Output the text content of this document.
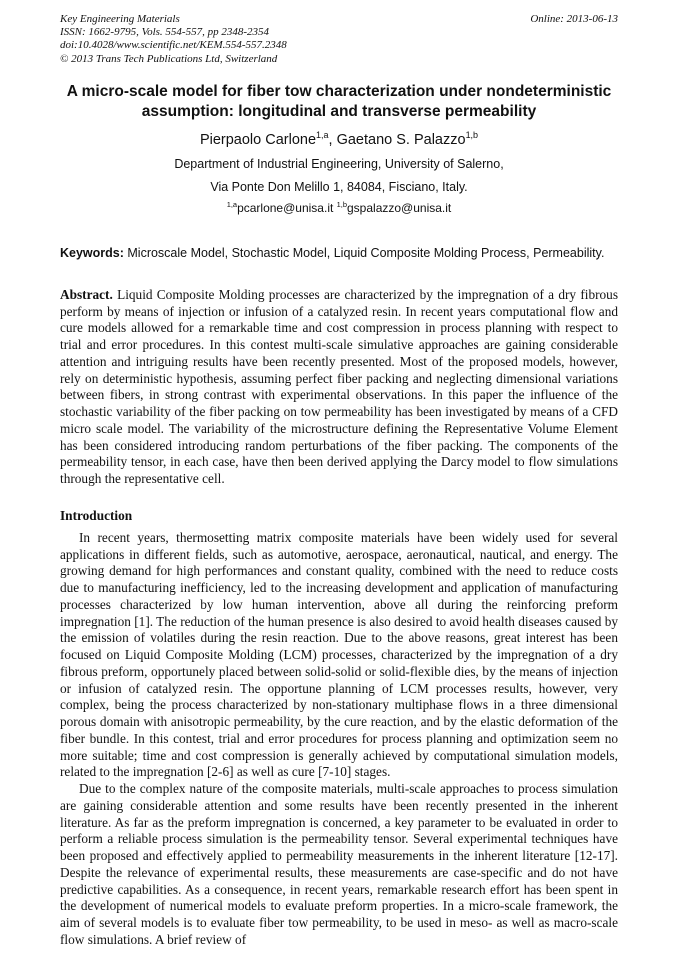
Key Engineering Materials
ISSN: 1662-9795, Vols. 554-557, pp 2348-2354
doi:10.4028/www.scientific.net/KEM.554-557.2348
© 2013 Trans Tech Publications Ltd, Switzerland
Online: 2013-06-13
A micro-scale model for fiber tow characterization under nondeterministic assumption: longitudinal and transverse permeability
Pierpaolo Carlone$^{1,a}$, Gaetano S. Palazzo$^{1,b}$
Department of Industrial Engineering, University of Salerno,
Via Ponte Don Melillo 1, 84084, Fisciano, Italy.
$^{1,a}$pcarlone@unisa.it $^{1,b}$gspalazzo@unisa.it
Keywords: Microscale Model, Stochastic Model, Liquid Composite Molding Process, Permeability.
Abstract. Liquid Composite Molding processes are characterized by the impregnation of a dry fibrous perform by means of injection or infusion of a catalyzed resin. In recent years computational flow and cure models allowed for a remarkable time and cost compression in process planning with respect to trial and error procedures. In this contest multi-scale simulative approaches are gaining considerable attention and intriguing results have been recently presented. Most of the proposed models, however, rely on deterministic hypothesis, assuming perfect fiber packing and neglecting dimensional variations between fibers, in strong contrast with experimental observations. In this paper the influence of the stochastic variability of the fiber packing on tow permeability has been investigated by means of a CFD micro scale model. The variability of the microstructure defining the Representative Volume Element has been considered introducing random perturbations of the fiber packing. The components of the permeability tensor, in each case, have then been derived applying the Darcy model to flow simulations through the representative cell.
Introduction
In recent years, thermosetting matrix composite materials have been widely used for several applications in different fields, such as automotive, aerospace, aeronautical, nautical, and energy. The growing demand for high performances and constant quality, combined with the need to reduce costs due to manufacturing inefficiency, led to the increasing development and application of manufacturing processes characterized by low human intervention, above all during the reinforcing preform impregnation [1]. The reduction of the human presence is also desired to avoid health diseases caused by the emission of volatiles during the resin reaction. Due to the above reasons, great interest has been focused on Liquid Composite Molding (LCM) processes, characterized by the impregnation of a dry fibrous preform, opportunely placed between solid-solid or solid-flexible dies, by the means of injection or infusion of catalyzed resin. The opportune planning of LCM processes results, however, very complex, being the process characterized by non-stationary multiphase flows in a three dimensional porous domain with anisotropic permeability, by the cure reaction, and by the elastic deformation of the fiber bundle. In this contest, trial and error procedures for process planning and optimization seem no more suitable; time and cost compression is generally achieved by computational simulation models, related to the impregnation [2-6] as well as cure [7-10] stages.
Due to the complex nature of the composite materials, multi-scale approaches to process simulation are gaining considerable attention and some results have been recently presented in the inherent literature. As far as the preform impregnation is concerned, a key parameter to be evaluated in order to perform a reliable process simulation is the permeability tensor. Several experimental techniques have been proposed and effectively applied to permeability measurements in the inherent literature [12-17]. Despite the relevance of experimental results, these measurements are case-specific and do not have predictive capabilities. As a consequence, in recent years, remarkable research effort has been spent in the development of numerical models to evaluate preform properties. In a micro-scale framework, the aim of several models is to evaluate fiber tow permeability, to be used in meso- as well as macro-scale flow simulations. A brief review of
